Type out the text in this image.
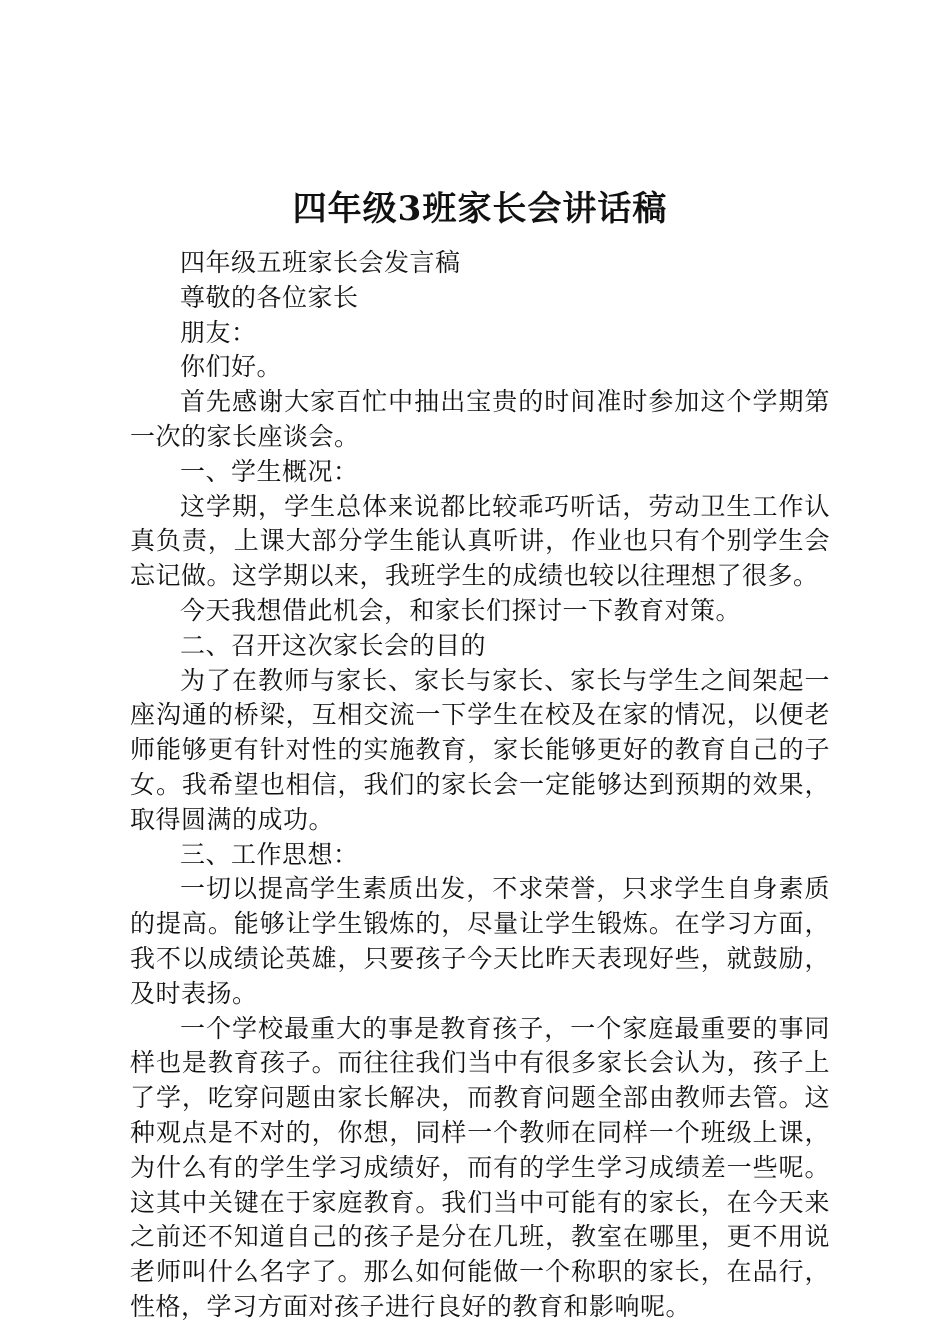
四年级3班家长会讲话稿

四年级五班家长会发言稿

尊敬的各位家长

朋友：

你们好。

首先感谢大家百忙中抽出宝贵的时间准时参加这个学期第一次的家长座谈会。

一、学生概况：

这学期，学生总体来说都比较乖巧听话，劳动卫生工作认真负责，上课大部分学生能认真听讲，作业也只有个别学生会忘记做。这学期以来，我班学生的成绩也较以往理想了很多。

今天我想借此机会，和家长们探讨一下教育对策。

二、召开这次家长会的目的

为了在教师与家长、家长与家长、家长与学生之间架起一座沟通的桥梁，互相交流一下学生在校及在家的情况，以便老师能够更有针对性的实施教育，家长能够更好的教育自己的子女。我希望也相信，我们的家长会一定能够达到预期的效果，取得圆满的成功。

三、工作思想：

一切以提高学生素质出发，不求荣誉，只求学生自身素质的提高。能够让学生锻炼的，尽量让学生锻炼。在学习方面，我不以成绩论英雄，只要孩子今天比昨天表现好些，就鼓励，及时表扬。

一个学校最重大的事是教育孩子，一个家庭最重要的事同样也是教育孩子。而往往我们当中有很多家长会认为，孩子上了学，吃穿问题由家长解决，而教育问题全部由教师去管。这种观点是不对的，你想，同样一个教师在同样一个班级上课，为什么有的学生学习成绩好，而有的学生学习成绩差一些呢。这其中关键在于家庭教育。我们当中可能有的家长，在今天来之前还不知道自己的孩子是分在几班，教室在哪里，更不用说老师叫什么名字了。那么如何能做一个称职的家长，在品行，性格，学习方面对孩子进行良好的教育和影响呢。
